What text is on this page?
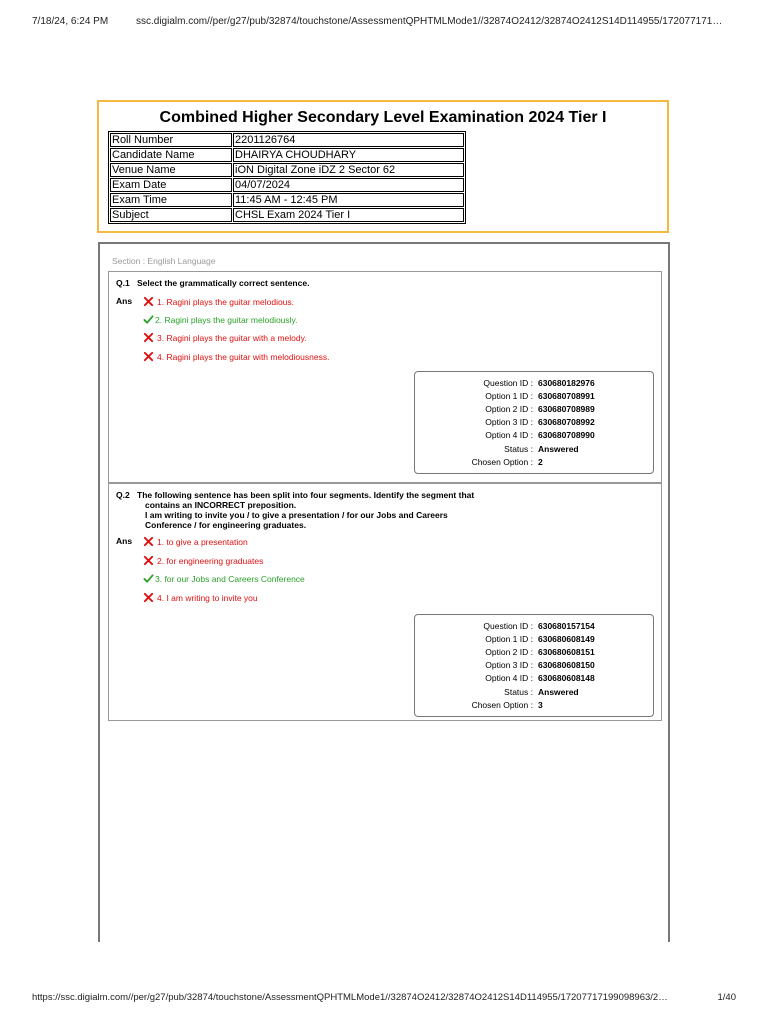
7/18/24, 6:24 PM	ssc.digialm.com//per/g27/pub/32874/touchstone/AssessmentQPHTMLMode1//32874O2412/32874O2412S14D114955/172077171…
Combined Higher Secondary Level Examination 2024 Tier I
Roll Number	2201126764
Candidate Name	DHAIRYA CHOUDHARY
Venue Name	iON Digital Zone iDZ 2 Sector 62
Exam Date	04/07/2024
Exam Time	11:45 AM - 12:45 PM
Subject	CHSL Exam 2024 Tier I
Section : English Language
Q.1 Select the grammatically correct sentence.
Ans	1. Ragini plays the guitar melodious.
2. Ragini plays the guitar melodiously.
3. Ragini plays the guitar with a melody.
4. Ragini plays the guitar with melodiousness.
Question ID : 630680182976
Option 1 ID : 630680708991
Option 2 ID : 630680708989
Option 3 ID : 630680708992
Option 4 ID : 630680708990
Status : Answered
Chosen Option : 2
Q.2 The following sentence has been split into four segments. Identify the segment that
contains an INCORRECT preposition.
I am writing to invite you / to give a presentation / for our Jobs and Careers
Conference / for engineering graduates.
Ans	1. to give a presentation
2. for engineering graduates
3. for our Jobs and Careers Conference
4. I am writing to invite you
Question ID : 630680157154
Option 1 ID : 630680608149
Option 2 ID : 630680608151
Option 3 ID : 630680608150
Option 4 ID : 630680608148
Status : Answered
Chosen Option : 3
https://ssc.digialm.com//per/g27/pub/32874/touchstone/AssessmentQPHTMLMode1//32874O2412/32874O2412S14D114955/17207717199098963/2…	1/40
